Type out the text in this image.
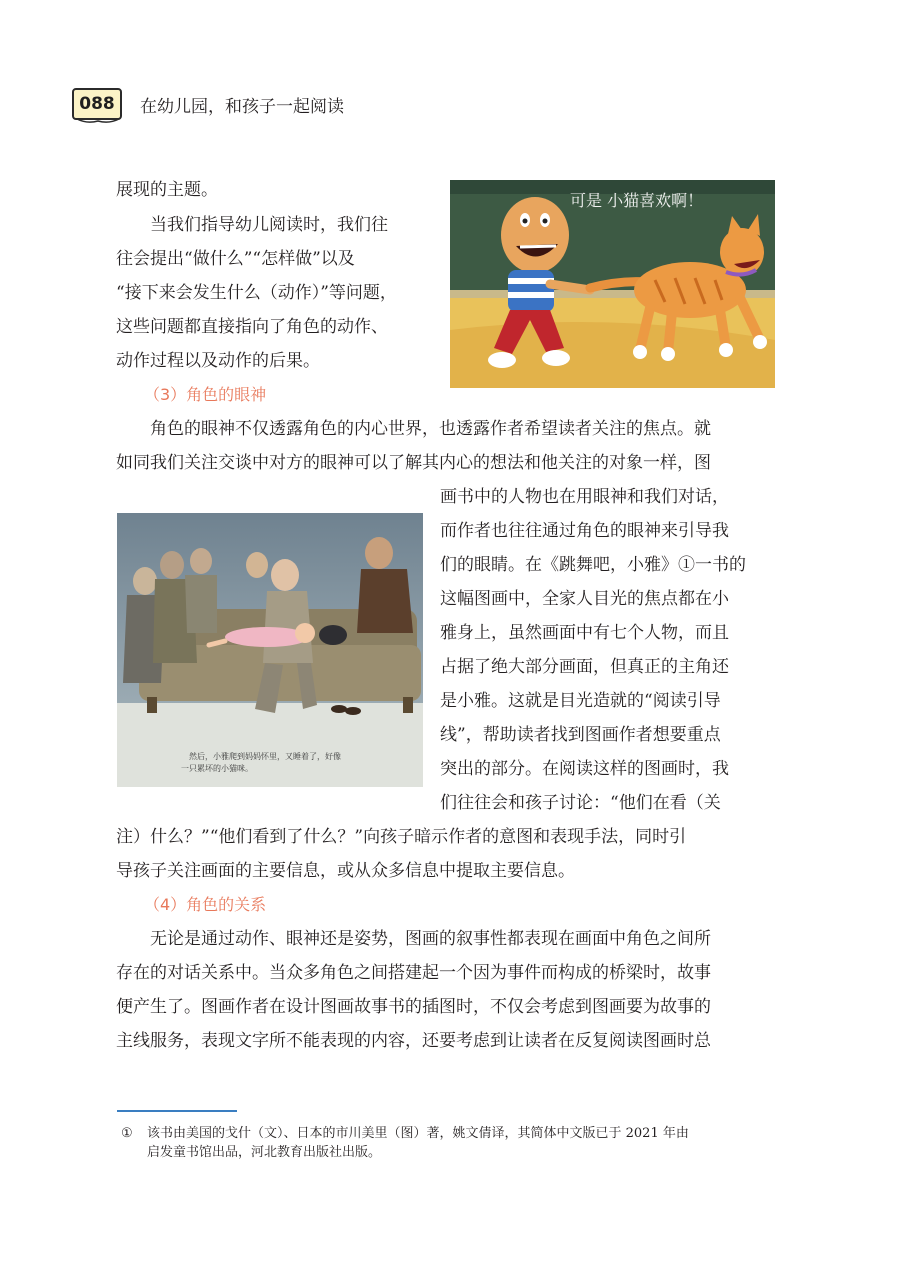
088 在幼儿园，和孩子一起阅读
展现的主题。
当我们指导幼儿阅读时，我们往
往会提出“做什么”“怎样做”以及
“接下来会发生什么（动作）”等问题，
这些问题都直接指向了角色的动作、
动作过程以及动作的后果。
（3）角色的眼神
角色的眼神不仅透露角色的内心世界，也透露作者希望读者关注的焦点。就
如同我们关注交谈中对方的眼神可以了解其内心的想法和他关注的对象一样，图
画书中的人物也在用眼神和我们对话，
而作者也往往通过角色的眼神来引导我
们的眼睛。在《跳舞吧，小雅》①一书的
这幅图画中，全家人目光的焦点都在小
雅身上，虽然画面中有七个人物，而且
占据了绝大部分画面，但真正的主角还
是小雅。这就是目光造就的“阅读引导
线”，帮助读者找到图画作者想要重点
突出的部分。在阅读这样的图画时，我
们往往会和孩子讨论：“他们在看（关
注）什么？”“他们看到了什么？”向孩子暗示作者的意图和表现手法，同时引
导孩子关注画面的主要信息，或从众多信息中提取主要信息。
（4）角色的关系
无论是通过动作、眼神还是姿势，图画的叙事性都表现在画面中角色之间所
存在的对话关系中。当众多角色之间搭建起一个因为事件而构成的桥梁时，故事
便产生了。图画作者在设计图画故事书的插图时，不仅会考虑到图画要为故事的
主线服务，表现文字所不能表现的内容，还要考虑到让读者在反复阅读图画时总
可是 小猫喜欢啊！
然后，小雅爬到妈妈怀里，又睡着了，好像
一只累坏的小猫咪。
① 该书由美国的戈什（文）、日本的市川美里（图）著，姚文倩译，其简体中文版已于 2021 年由
启发童书馆出品，河北教育出版社出版。
